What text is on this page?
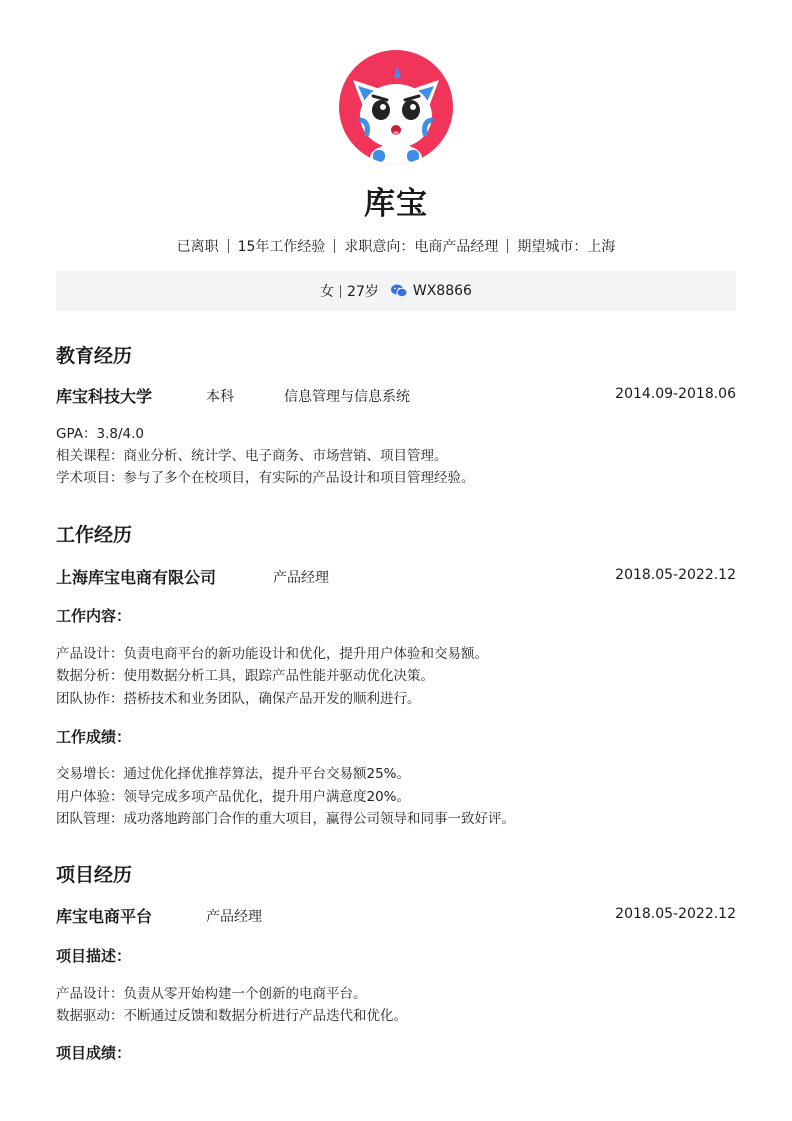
库宝
已离职 15年工作经验 求职意向：电商产品经理 期望城市：上海
女 27岁 WX8866
教育经历
库宝科技大学	本科	信息管理与信息系统	2014.09-2018.06
GPA：3.8/4.0
相关课程：商业分析、统计学、电子商务、市场营销、项目管理。
学术项目：参与了多个在校项目，有实际的产品设计和项目管理经验。
工作经历
上海库宝电商有限公司	产品经理	2018.05-2022.12
工作内容：
产品设计：负责电商平台的新功能设计和优化，提升用户体验和交易额。
数据分析：使用数据分析工具，跟踪产品性能并驱动优化决策。
团队协作：搭桥技术和业务团队，确保产品开发的顺利进行。
工作成绩：
交易增长：通过优化择优推荐算法，提升平台交易额25%。
用户体验：领导完成多项产品优化，提升用户满意度20%。
团队管理：成功落地跨部门合作的重大项目，赢得公司领导和同事一致好评。
项目经历
库宝电商平台	产品经理	2018.05-2022.12
项目描述：
产品设计：负责从零开始构建一个创新的电商平台。
数据驱动：不断通过反馈和数据分析进行产品迭代和优化。
项目成绩：
